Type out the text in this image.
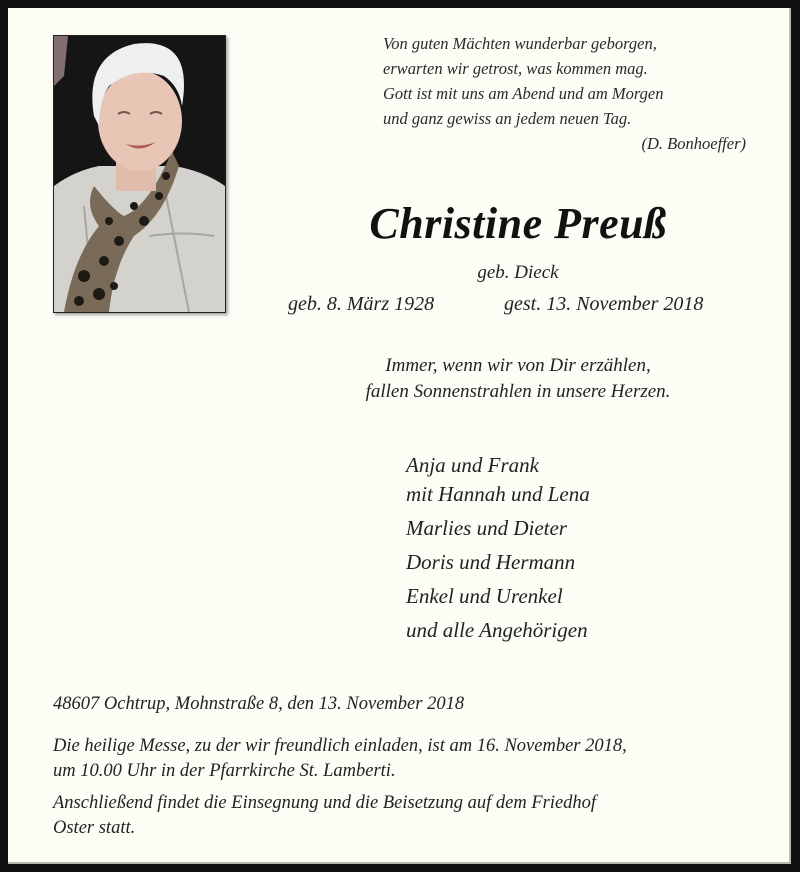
Von guten Mächten wunderbar geborgen,
erwarten wir getrost, was kommen mag.
Gott ist mit uns am Abend und am Morgen
und ganz gewiss an jedem neuen Tag.
(D. Bonhoeffer)
Christine Preuß
geb. Dieck
geb. 8. März 1928	gest. 13. November 2018
Immer, wenn wir von Dir erzählen,
fallen Sonnenstrahlen in unsere Herzen.
Anja und Frank
mit Hannah und Lena
Marlies und Dieter
Doris und Hermann
Enkel und Urenkel
und alle Angehörigen
48607 Ochtrup, Mohnstraße 8, den 13. November 2018
Die heilige Messe, zu der wir freundlich einladen, ist am 16. November 2018,
um 10.00 Uhr in der Pfarrkirche St. Lamberti.
Anschließend findet die Einsegnung und die Beisetzung auf dem Friedhof
Oster statt.
